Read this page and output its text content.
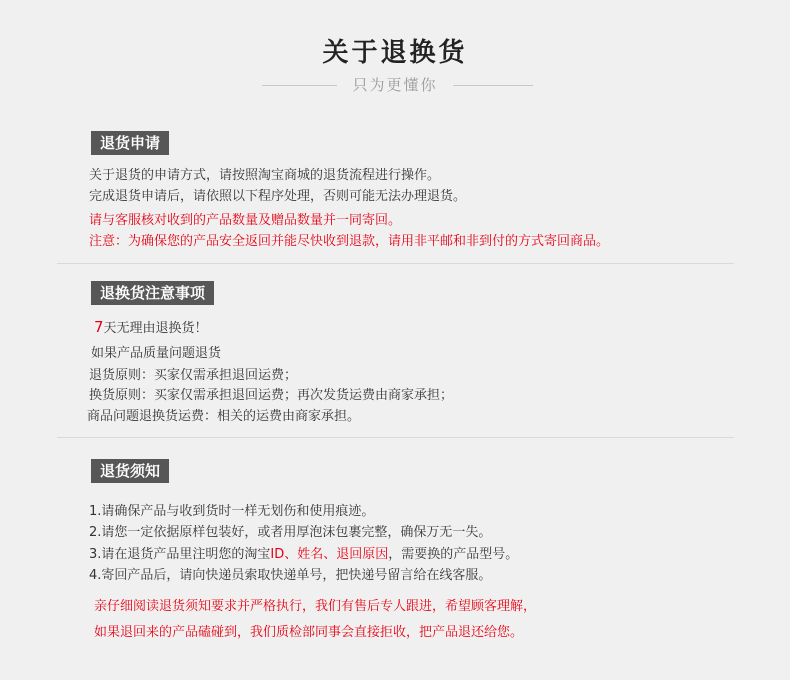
关于退换货
只为更懂你
退货申请
关于退货的申请方式，请按照淘宝商城的退货流程进行操作。
完成退货申请后，请依照以下程序处理，否则可能无法办理退货。
请与客服核对收到的产品数量及赠品数量并一同寄回。
注意：为确保您的产品安全返回并能尽快收到退款，请用非平邮和非到付的方式寄回商品。
退换货注意事项
7天无理由退换货！
如果产品质量问题退货
退货原则：买家仅需承担退回运费；
换货原则：买家仅需承担退回运费；再次发货运费由商家承担；
商品问题退换货运费：相关的运费由商家承担。
退货须知
1.请确保产品与收到货时一样无划伤和使用痕迹。
2.请您一定依据原样包装好，或者用厚泡沫包裹完整，确保万无一失。
3.请在退货产品里注明您的淘宝ID、姓名、退回原因，需要换的产品型号。
4.寄回产品后，请向快递员索取快递单号，把快递号留言给在线客服。
亲仔细阅读退货须知要求并严格执行，我们有售后专人跟进，希望顾客理解，
如果退回来的产品磕碰到，我们质检部同事会直接拒收，把产品退还给您。
